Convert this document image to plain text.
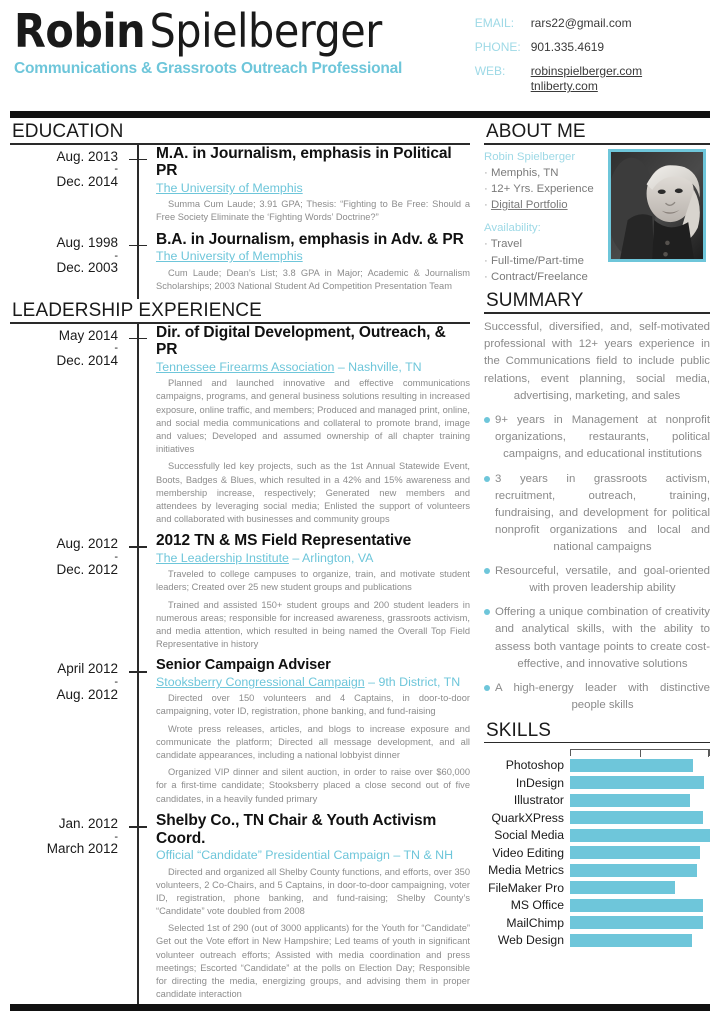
Robin Spielberger
Communications & Grassroots Outreach Professional
EMAIL:	rars22@gmail.com
PHONE: 901.335.4619
WEB:	robinspielberger.com
tnliberty.com
EDUCATION
Aug. 2013
-
Dec. 2014
M.A. in Journalism, emphasis in Political PR
The University of Memphis
· Summa Cum Laude; 3.91 GPA; Thesis: “Fighting to Be Free: Should a Free Society Eliminate the ‘Fighting Words’ Doctrine?”
Aug. 1998
-
Dec. 2003
B.A. in Journalism, emphasis in Adv. & PR
The University of Memphis
· Cum Laude; Dean’s List; 3.8 GPA in Major; Academic & Journalism Scholarships; 2003 National Student Ad Competition Presentation Team
LEADERSHIP EXPERIENCE
May 2014
-
Dec. 2014
Dir. of Digital Development, Outreach, & PR
Tennessee Firearms Association – Nashville, TN
· Planned and launched innovative and effective communications campaigns, programs, and general business solutions resulting in increased exposure, online traffic, and members; Produced and managed print, online, and social media communications and collateral to promote brand, image and values; Developed and assumed ownership of all chapter training initiatives
· Successfully led key projects, such as the 1st Annual Statewide Event, Boots, Badges & Blues, which resulted in a 42% and 15% awareness and membership increase, respectively; Generated new members and attendees by leveraging social media; Enlisted the support of volunteers and collaborated with businesses and community groups
Aug. 2012
-
Dec. 2012
2012 TN & MS Field Representative
The Leadership Institute – Arlington, VA
· Traveled to college campuses to organize, train, and motivate student leaders; Created over 25 new student groups and publications
· Trained and assisted 150+ student groups and 200 student leaders in numerous areas; responsible for increased awareness, grassroots activism, and media attention, which resulted in being named the Overall Top Field Representative in history
April 2012
-
Aug. 2012
Senior Campaign Adviser
Stooksberry Congressional Campaign – 9th District, TN
· Directed over 150 volunteers and 4 Captains, in door-to-door campaigning, voter ID, registration, phone banking, and fund-raising
· Wrote press releases, articles, and blogs to increase exposure and communicate the platform; Directed all message development, and all candidate appearances, including a national lobbyist dinner
· Organized VIP dinner and silent auction, in order to raise over $60,000 for a first-time candidate; Stooksberry placed a close second out of five candidates, in a heavily funded primary
Jan. 2012
-
March 2012
Shelby Co., TN Chair & Youth Activism Coord.
Official “Candidate” Presidential Campaign – TN & NH
· Directed and organized all Shelby County functions, and efforts, over 350 volunteers, 2 Co-Chairs, and 5 Captains, in door-to-door campaigning, voter ID, registration, phone banking, and fund-raising; Shelby County’s “Candidate” vote doubled from 2008
· Selected 1st of 290 (out of 3000 applicants) for the Youth for “Candidate” Get out the Vote effort in New Hampshire; Led teams of youth in significant volunteer outreach efforts; Assisted with media coordination and press meetings; Escorted “Candidate” at the polls on Election Day; Responsible for directing the media, energizing groups, and advising them in proper candidate interaction
ABOUT ME
Robin Spielberger
· Memphis, TN
· 12+ Yrs. Experience
· Digital Portfolio
Availability:
· Travel
· Full-time/Part-time
· Contract/Freelance
SUMMARY
Successful, diversified, and, self-motivated professional with 12+ years experience in the Communications field to include public relations, event planning, social media, advertising, marketing, and sales
9+ years in Management at nonprofit organizations, restaurants, political campaigns, and educational institutions
3 years in grassroots activism, recruitment, outreach, training, fundraising, and development for political nonprofit organizations and local and national campaigns
Resourceful, versatile, and goal-oriented with proven leadership ability
Offering a unique combination of creativity and analytical skills, with the ability to assess both vantage points to create cost-effective, and innovative solutions
A high-energy leader with distinctive people skills
SKILLS
Photoshop
InDesign
Illustrator
QuarkXPress
Social Media
Video Editing
Media Metrics
FileMaker Pro
MS Office
MailChimp
Web Design
